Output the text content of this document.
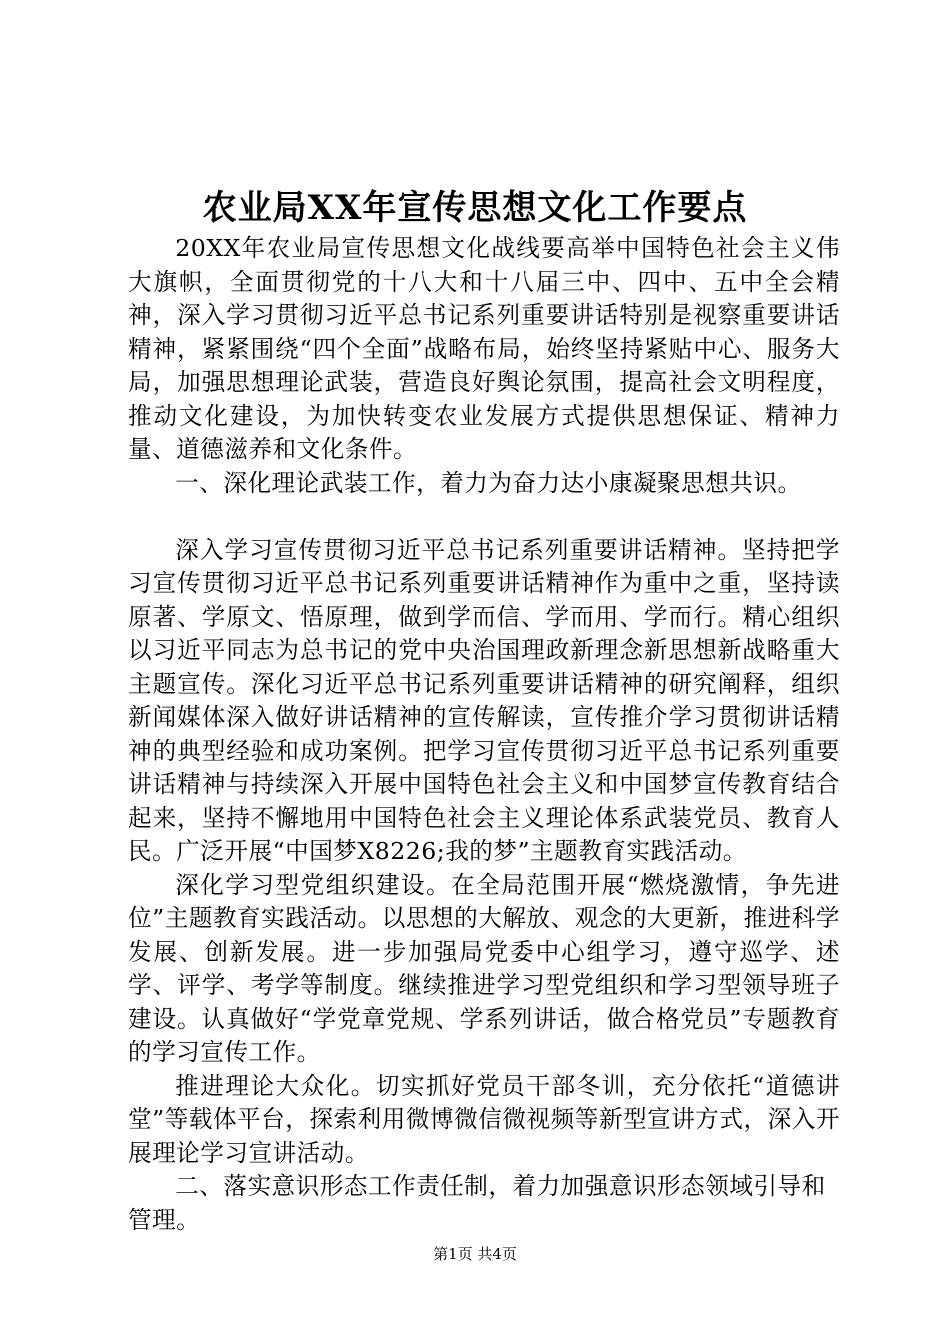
农业局XX年宣传思想文化工作要点

20XX年农业局宣传思想文化战线要高举中国特色社会主义伟大旗帜，全面贯彻党的十八大和十八届三中、四中、五中全会精神，深入学习贯彻习近平总书记系列重要讲话特别是视察重要讲话精神，紧紧围绕“四个全面”战略布局，始终坚持紧贴中心、服务大局，加强思想理论武装，营造良好舆论氛围，提高社会文明程度，推动文化建设，为加快转变农业发展方式提供思想保证、精神力量、道德滋养和文化条件。

一、深化理论武装工作，着力为奋力达小康凝聚思想共识。

深入学习宣传贯彻习近平总书记系列重要讲话精神。坚持把学习宣传贯彻习近平总书记系列重要讲话精神作为重中之重，坚持读原著、学原文、悟原理，做到学而信、学而用、学而行。精心组织以习近平同志为总书记的党中央治国理政新理念新思想新战略重大主题宣传。深化习近平总书记系列重要讲话精神的研究阐释，组织新闻媒体深入做好讲话精神的宣传解读，宣传推介学习贯彻讲话精神的典型经验和成功案例。把学习宣传贯彻习近平总书记系列重要讲话精神与持续深入开展中国特色社会主义和中国梦宣传教育结合起来，坚持不懈地用中国特色社会主义理论体系武装党员、教育人民。广泛开展“中国梦X8226;我的梦”主题教育实践活动。

深化学习型党组织建设。在全局范围开展“燃烧激情，争先进位”主题教育实践活动。以思想的大解放、观念的大更新，推进科学发展、创新发展。进一步加强局党委中心组学习，遵守巡学、述学、评学、考学等制度。继续推进学习型党组织和学习型领导班子建设。认真做好“学党章党规、学系列讲话，做合格党员”专题教育的学习宣传工作。

推进理论大众化。切实抓好党员干部冬训，充分依托“道德讲堂”等载体平台，探索利用微博微信微视频等新型宣讲方式，深入开展理论学习宣讲活动。

二、落实意识形态工作责任制，着力加强意识形态领域引导和管理。

第1页 共4页
